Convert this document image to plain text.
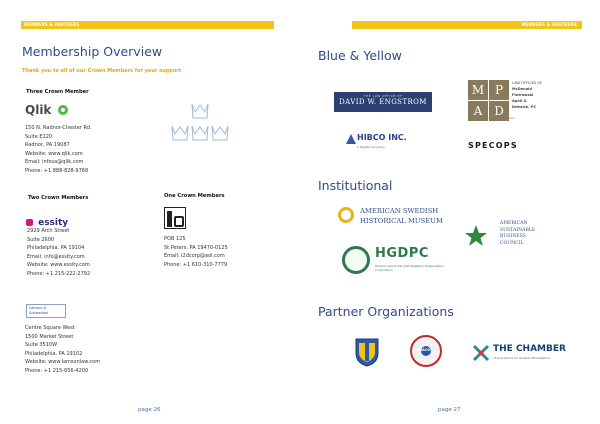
MEMBERS & PARTNERS
Membership Overview
Thank you to all of our Crown Members for your support
Three Crown Member
Qlik
150 N. Radnor-Chester Rd.
Suite E120
Radnor, PA 19087
Website: www.qlik.com
Email: infous@qlik.com
Phone: +1 888-828-9768
Two Crown Members
essity
2929 Arch Street
Suite 2600
Philadelphia, PA 19104
Email: info@essity.com
Website: www.essity.com
Phone: +1 215-222-2792
One Crown Members
POB 125
St Peters, PA 19470-0125
Email: i2dcorp@aol.com
Phone: +1 610-310-7779
Lamson &
Schwartzel
Centre Square West
1500 Market Street
Suite 3510W
Philadelphia, PA 19102
Website: www.lamsonlaw.com
Phone: +1 215-656-4200
page 26
MEMBERS & PARTNERS
Blue & Yellow
THE LAW OFFICE OF
DAVID W. ENGSTROM
M P
A D
LAW OFFICES OF
McDonald
Piotrowski
Apell &
Detwick, PC
Respected. Successful. Trusted.
HIBCO INC.
A Digital Company	SPECOPS
Institutional
AMERICAN SWEDISH
HISTORICAL MUSEUM	AMERICAN
SUSTAINABLE
BUSINESS
COUNCIL
HGDPC
Historic Gloria Dei (Old Swedes') Preservation Corporation
Partner Organizations
NACO	THE CHAMBER
of Commerce for Greater Philadelphia
page 27
